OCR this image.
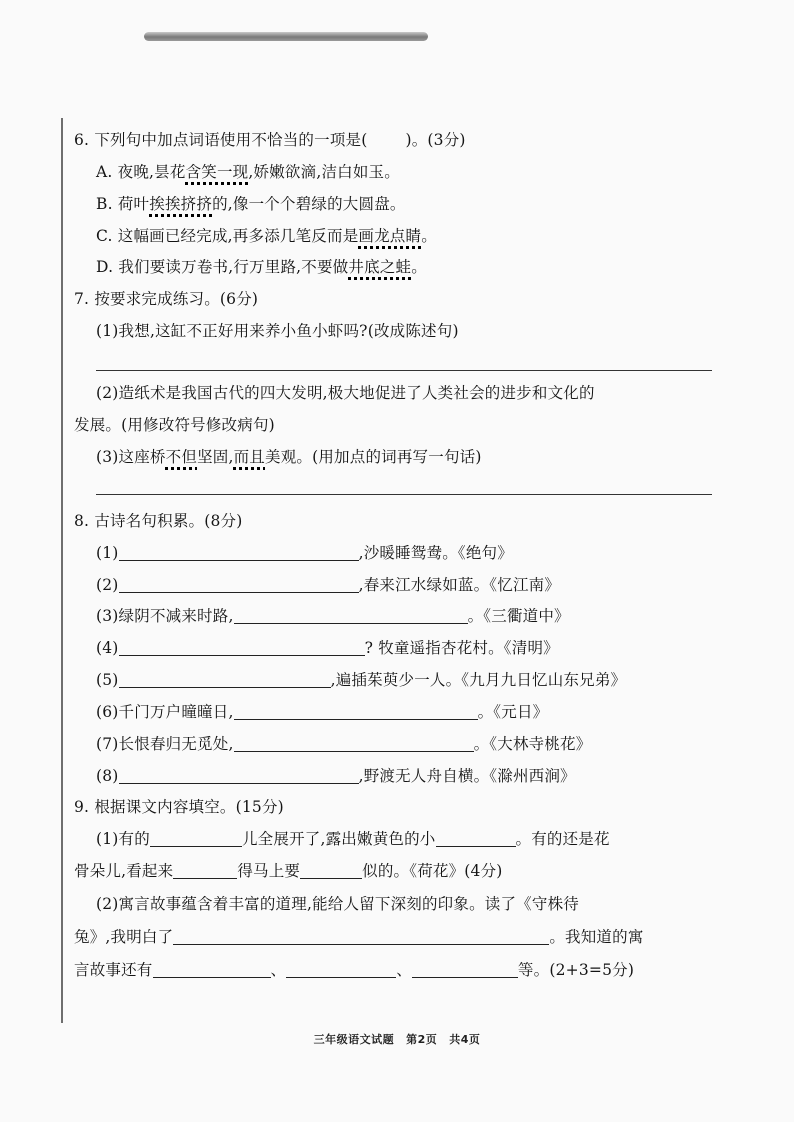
6. 下列句中加点词语使用不恰当的一项是( )。(3分)
A. 夜晚,昙花含笑一现,娇嫩欲滴,洁白如玉。
B. 荷叶挨挨挤挤的,像一个个碧绿的大圆盘。
C. 这幅画已经完成,再多添几笔反而是画龙点睛。
D. 我们要读万卷书,行万里路,不要做井底之蛙。
7. 按要求完成练习。(6分)
(1)我想,这缸不正好用来养小鱼小虾吗?(改成陈述句)
(2)造纸术是我国古代的四大发明,极大地促进了人类社会的进步和文化的
发展。(用修改符号修改病句)
(3)这座桥不但坚固,而且美观。(用加点的词再写一句话)
8. 古诗名句积累。(8分)
(1)	,沙暖睡鸳鸯。《绝句》
(2)	,春来江水绿如蓝。《忆江南》
(3)绿阴不减来时路,	。《三衢道中》
(4)	? 牧童遥指杏花村。《清明》
(5)	,遍插茱萸少一人。《九月九日忆山东兄弟》
(6)千门万户曈曈日,	。《元日》
(7)长恨春归无觅处,	。《大林寺桃花》
(8)	,野渡无人舟自横。《滁州西涧》
9. 根据课文内容填空。(15分)
(1)有的	儿全展开了,露出嫩黄色的小	。有的还是花
骨朵儿,看起来	得马上要	似的。《荷花》(4分)
(2)寓言故事蕴含着丰富的道理,能给人留下深刻的印象。读了《守株待
兔》,我明白了	。我知道的寓
言故事还有	、	、	等。(2+3=5分)
三年级语文试题 第2页 共4页
